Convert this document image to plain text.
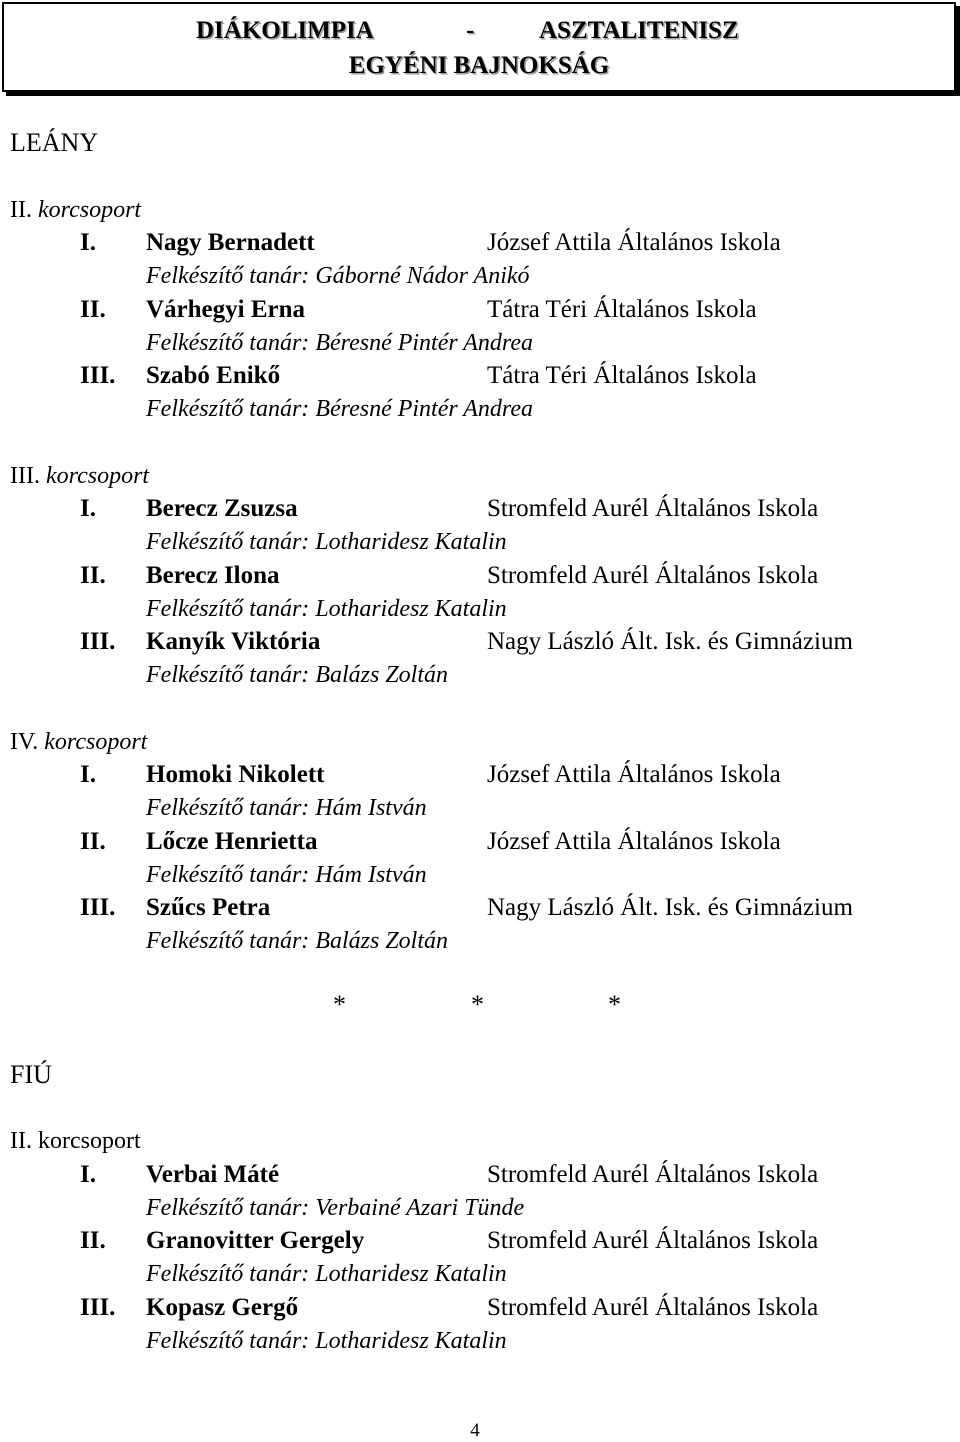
DIÁKOLIMPIA	-	ASZTALITENISZ
EGYÉNI BAJNOKSÁG
LEÁNY
II. korcsoport
I. Nagy Bernadett	József Attila Általános Iskola
Felkészítő tanár: Gáborné Nádor Anikó
II. Várhegyi Erna	Tátra Téri Általános Iskola
Felkészítő tanár: Béresné Pintér Andrea
III. Szabó Enikő	Tátra Téri Általános Iskola
Felkészítő tanár: Béresné Pintér Andrea
III. korcsoport
I. Berecz Zsuzsa	Stromfeld Aurél Általános Iskola
Felkészítő tanár: Lotharidesz Katalin
II. Berecz Ilona	Stromfeld Aurél Általános Iskola
Felkészítő tanár: Lotharidesz Katalin
III. Kanyík Viktória	Nagy László Ált. Isk. és Gimnázium
Felkészítő tanár: Balázs Zoltán
IV. korcsoport
I. Homoki Nikolett	József Attila Általános Iskola
Felkészítő tanár: Hám István
II. Lőcze Henrietta	József Attila Általános Iskola
Felkészítő tanár: Hám István
III. Szűcs Petra	Nagy László Ált. Isk. és Gimnázium
Felkészítő tanár: Balázs Zoltán
*	*	*
FIÚ
II. korcsoport
I. Verbai Máté	Stromfeld Aurél Általános Iskola
Felkészítő tanár: Verbainé Azari Tünde
II. Granovitter Gergely	Stromfeld Aurél Általános Iskola
Felkészítő tanár: Lotharidesz Katalin
III. Kopasz Gergő	Stromfeld Aurél Általános Iskola
Felkészítő tanár: Lotharidesz Katalin
4
